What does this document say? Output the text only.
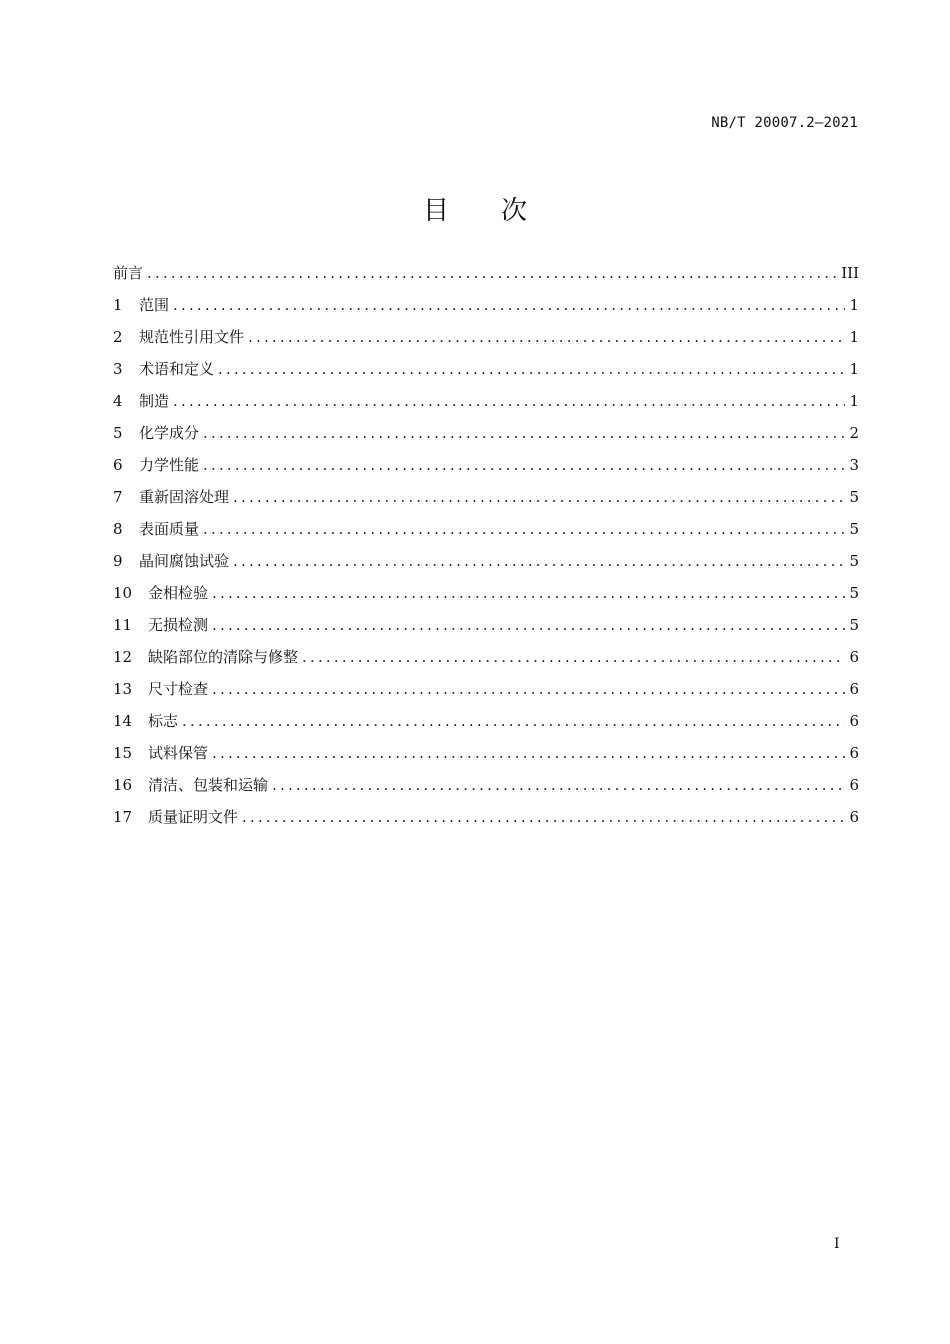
NB/T 20007.2—2021
目次
前言 .....	III
1	范围 .....	1
2	规范性引用文件 .....	1
3	术语和定义 .....	1
4	制造 .....	1
5	化学成分 .....	2
6	力学性能 .....	3
7	重新固溶处理 .....	5
8	表面质量 .....	5
9	晶间腐蚀试验 .....	5
10	金相检验 .....	5
11	无损检测 .....	5
12	缺陷部位的清除与修整 .....	6
13	尺寸检查 .....	6
14	标志 .....	6
15	试料保管 .....	6
16	清洁、包装和运输 .....	6
17	质量证明文件 .....	6
I
